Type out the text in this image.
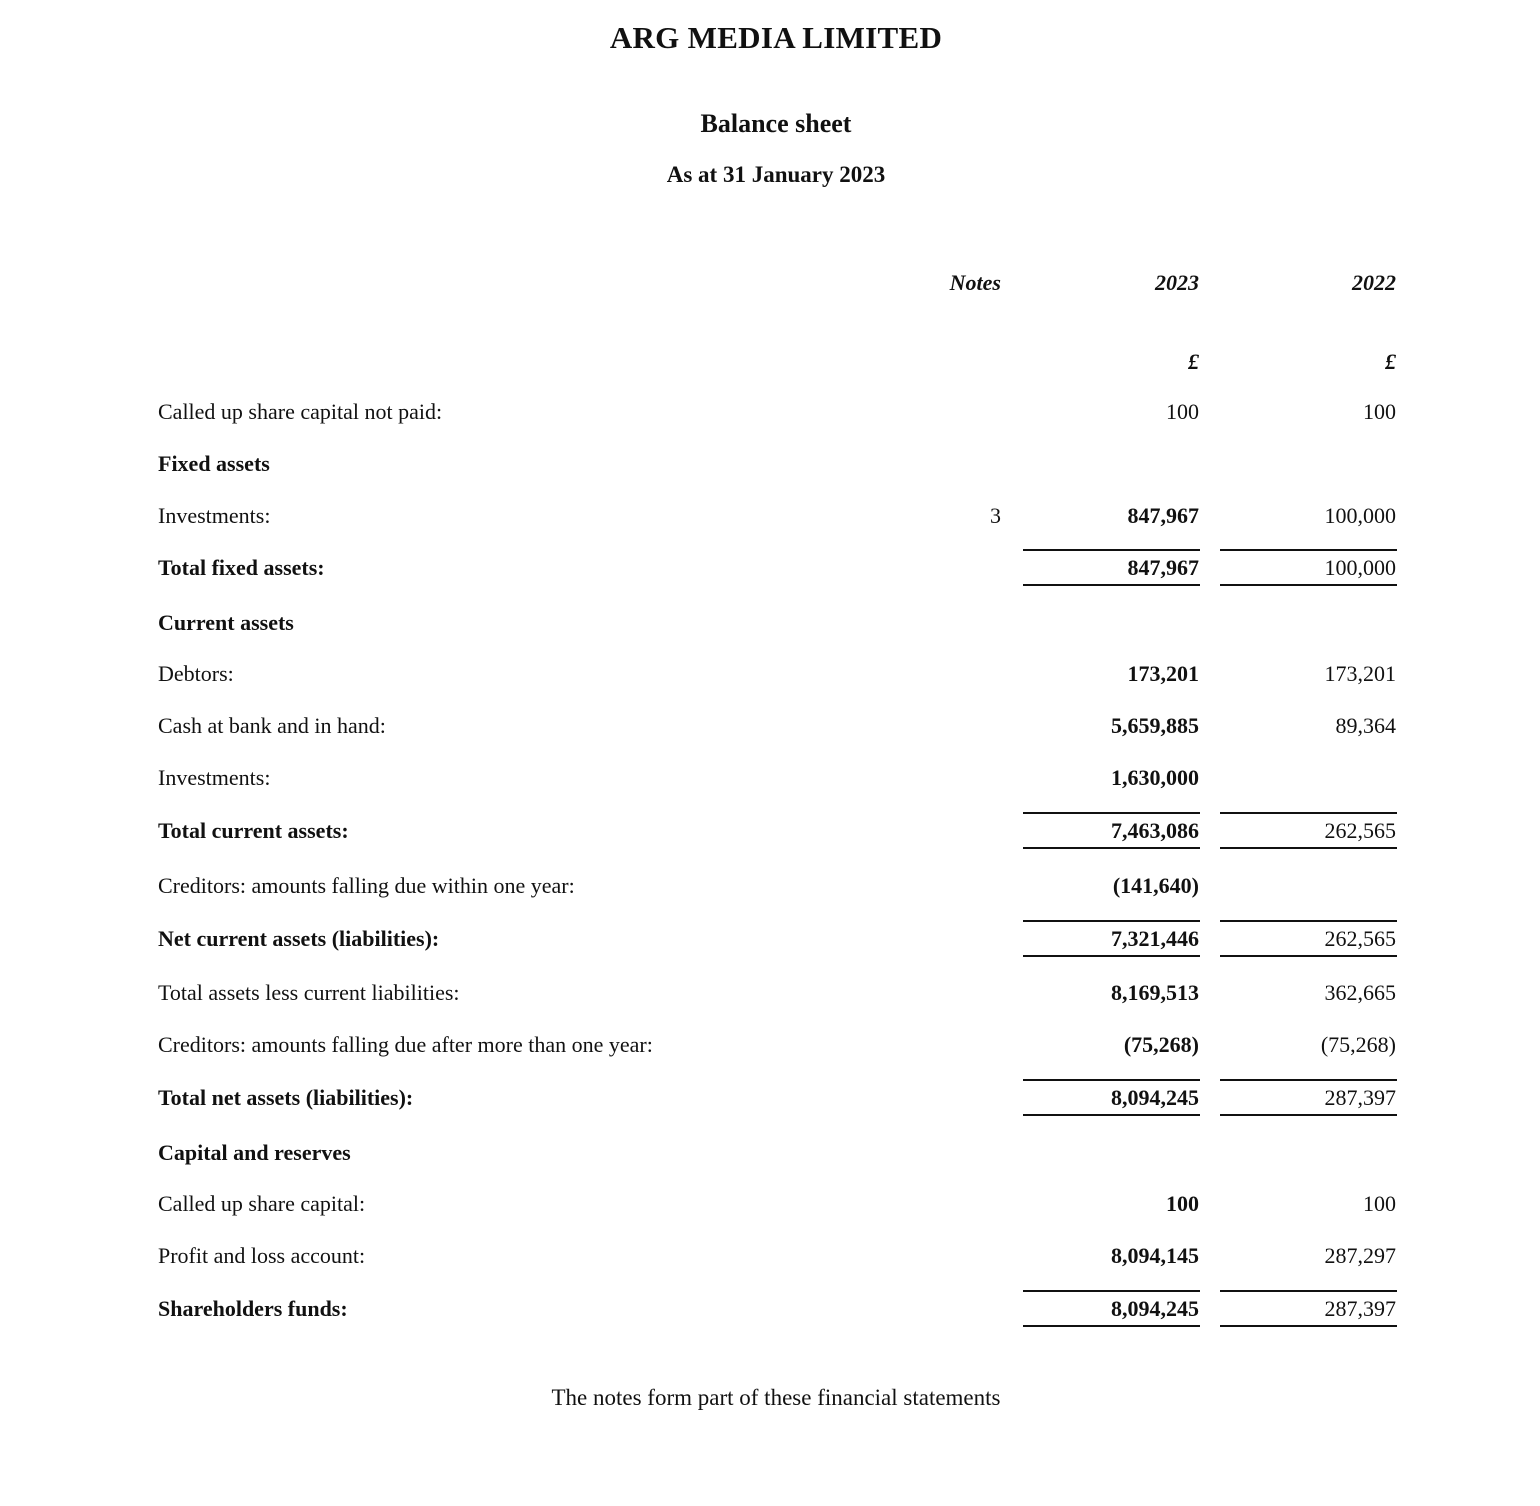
ARG MEDIA LIMITED
Balance sheet
As at 31 January 2023
Notes	2023	2022
£	£
Called up share capital not paid:	100	100
Fixed assets
Investments:	3	847,967	100,000
Total fixed assets:	847,967	100,000
Current assets
Debtors:	173,201	173,201
Cash at bank and in hand:	5,659,885	89,364
Investments:	1,630,000
Total current assets:	7,463,086	262,565
Creditors: amounts falling due within one year:	(141,640)
Net current assets (liabilities):	7,321,446	262,565
Total assets less current liabilities:	8,169,513	362,665
Creditors: amounts falling due after more than one year:	(75,268)	(75,268)
Total net assets (liabilities):	8,094,245	287,397
Capital and reserves
Called up share capital:	100	100
Profit and loss account:	8,094,145	287,297
Shareholders funds:	8,094,245	287,397
The notes form part of these financial statements
